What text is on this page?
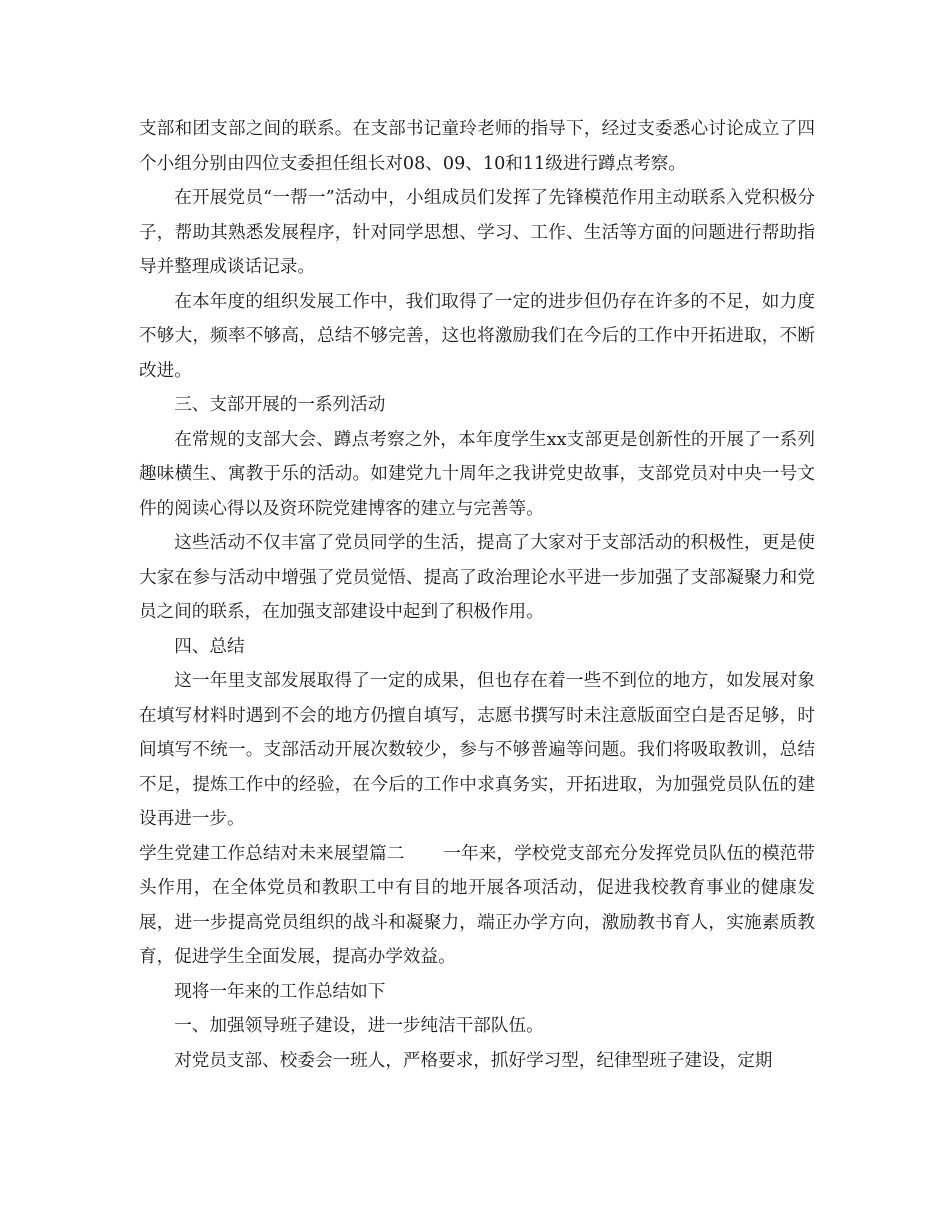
支部和团支部之间的联系。在支部书记童玲老师的指导下，经过支委悉心讨论成立了四个小组分别由四位支委担任组长对08、09、10和11级进行蹲点考察。

在开展党员“一帮一”活动中，小组成员们发挥了先锋模范作用主动联系入党积极分子，帮助其熟悉发展程序，针对同学思想、学习、工作、生活等方面的问题进行帮助指导并整理成谈话记录。

在本年度的组织发展工作中，我们取得了一定的进步但仍存在许多的不足，如力度不够大，频率不够高，总结不够完善，这也将激励我们在今后的工作中开拓进取，不断改进。

三、支部开展的一系列活动

在常规的支部大会、蹲点考察之外，本年度学生xx支部更是创新性的开展了一系列趣味横生、寓教于乐的活动。如建党九十周年之我讲党史故事，支部党员对中央一号文件的阅读心得以及资环院党建博客的建立与完善等。

这些活动不仅丰富了党员同学的生活，提高了大家对于支部活动的积极性，更是使大家在参与活动中增强了党员觉悟、提高了政治理论水平进一步加强了支部凝聚力和党员之间的联系，在加强支部建设中起到了积极作用。

四、总结

这一年里支部发展取得了一定的成果，但也存在着一些不到位的地方，如发展对象在填写材料时遇到不会的地方仍擅自填写，志愿书撰写时未注意版面空白是否足够，时间填写不统一。支部活动开展次数较少，参与不够普遍等问题。我们将吸取教训，总结不足，提炼工作中的经验，在今后的工作中求真务实，开拓进取，为加强党员队伍的建设再进一步。

学生党建工作总结对未来展望篇二 一年来，学校党支部充分发挥党员队伍的模范带头作用，在全体党员和教职工中有目的地开展各项活动，促进我校教育事业的健康发展，进一步提高党员组织的战斗和凝聚力，端正办学方向，激励教书育人，实施素质教育，促进学生全面发展，提高办学效益。

现将一年来的工作总结如下

一、加强领导班子建设，进一步纯洁干部队伍。

对党员支部、校委会一班人，严格要求，抓好学习型，纪律型班子建设，定期
